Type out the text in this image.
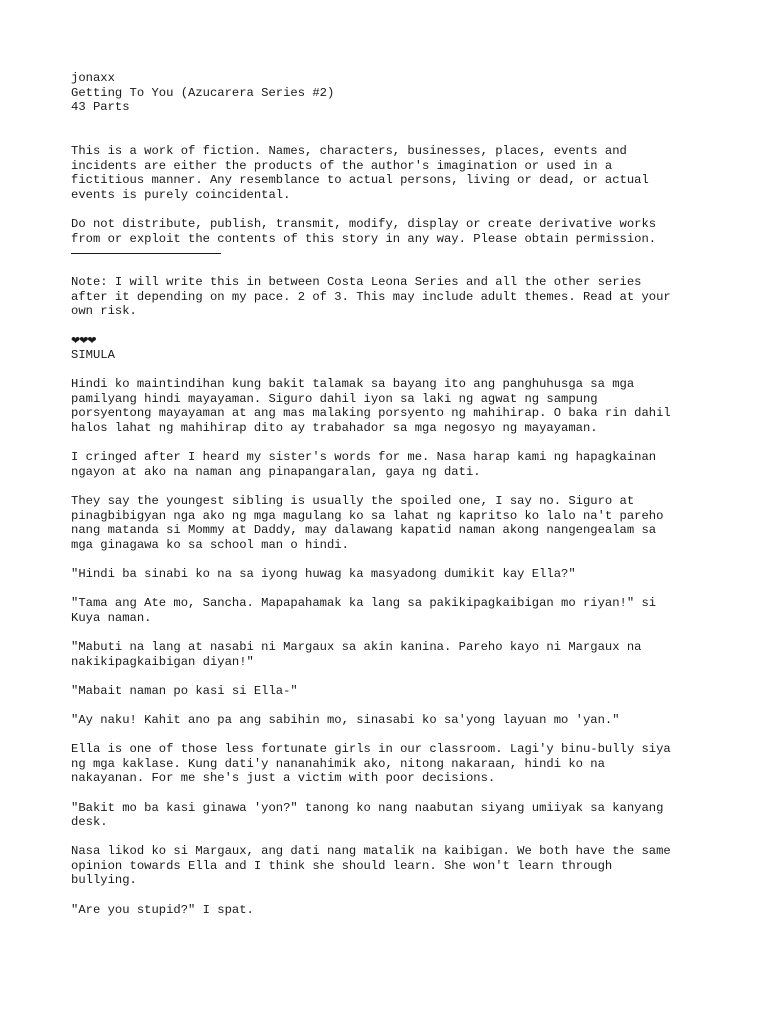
jonaxx
Getting To You (Azucarera Series #2)
43 Parts
This is a work of fiction. Names, characters, businesses, places, events and
incidents are either the products of the author's imagination or used in a
fictitious manner. Any resemblance to actual persons, living or dead, or actual
events is purely coincidental.
Do not distribute, publish, transmit, modify, display or create derivative works
from or exploit the contents of this story in any way. Please obtain permission.
Note: I will write this in between Costa Leona Series and all the other series
after it depending on my pace. 2 of 3. This may include adult themes. Read at your
own risk.
❤❤❤
SIMULA
Hindi ko maintindihan kung bakit talamak sa bayang ito ang panghuhusga sa mga
pamilyang hindi mayayaman. Siguro dahil iyon sa laki ng agwat ng sampung
porsyentong mayayaman at ang mas malaking porsyento ng mahihirap. O baka rin dahil
halos lahat ng mahihirap dito ay trabahador sa mga negosyo ng mayayaman.
I cringed after I heard my sister's words for me. Nasa harap kami ng hapagkainan
ngayon at ako na naman ang pinapangaralan, gaya ng dati.
They say the youngest sibling is usually the spoiled one, I say no. Siguro at
pinagbibigyan nga ako ng mga magulang ko sa lahat ng kapritso ko lalo na't pareho
nang matanda si Mommy at Daddy, may dalawang kapatid naman akong nangengealam sa
mga ginagawa ko sa school man o hindi.
"Hindi ba sinabi ko na sa iyong huwag ka masyadong dumikit kay Ella?"
"Tama ang Ate mo, Sancha. Mapapahamak ka lang sa pakikipagkaibigan mo riyan!" si
Kuya naman.
"Mabuti na lang at nasabi ni Margaux sa akin kanina. Pareho kayo ni Margaux na
nakikipagkaibigan diyan!"
"Mabait naman po kasi si Ella-"
"Ay naku! Kahit ano pa ang sabihin mo, sinasabi ko sa'yong layuan mo 'yan."
Ella is one of those less fortunate girls in our classroom. Lagi'y binu-bully siya
ng mga kaklase. Kung dati'y nananahimik ako, nitong nakaraan, hindi ko na
nakayanan. For me she's just a victim with poor decisions.
"Bakit mo ba kasi ginawa 'yon?" tanong ko nang naabutan siyang umiiyak sa kanyang
desk.
Nasa likod ko si Margaux, ang dati nang matalik na kaibigan. We both have the same
opinion towards Ella and I think she should learn. She won't learn through
bullying.
"Are you stupid?" I spat.
